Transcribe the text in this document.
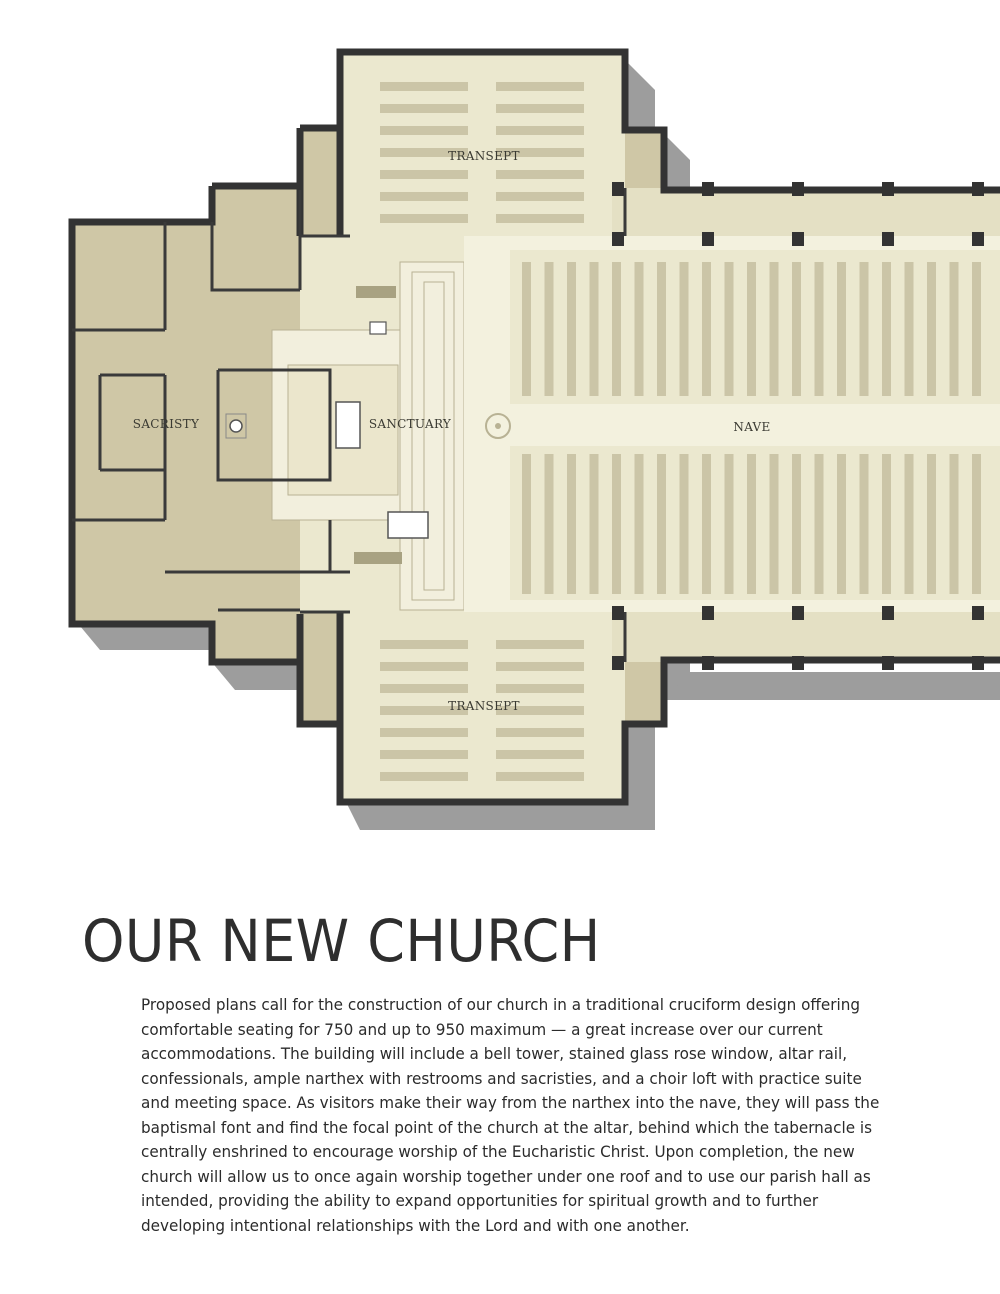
TRANSEPT
TRANSEPT
SACRISTY	SANCTUARY	NAVE
OUR NEW CHURCH

Proposed plans call for the construction of our church in a traditional cruciform design offering
comfortable seating for 750 and up to 950 maximum — a great increase over our current
accommodations. The building will include a bell tower, stained glass rose window, altar rail,
confessionals, ample narthex with restrooms and sacristies, and a choir loft with practice suite
and meeting space. As visitors make their way from the narthex into the nave, they will pass the
baptismal font and find the focal point of the church at the altar, behind which the tabernacle is
centrally enshrined to encourage worship of the Eucharistic Christ. Upon completion, the new
church will allow us to once again worship together under one roof and to use our parish hall as
intended, providing the ability to expand opportunities for spiritual growth and to further
developing intentional relationships with the Lord and with one another.
